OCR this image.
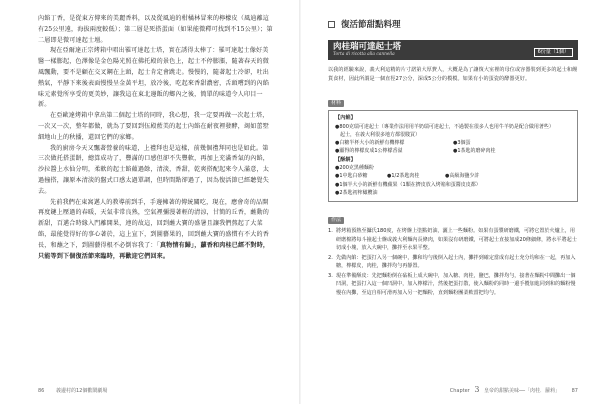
內餡丁香，是從東方傳來的美麗香料，以及從風迪的柑橘林冒來的檸檬皮（風迪離這有25公里遠，海拔兩度較低）；第二層是死搭蛋面（如果能微釋可找到不15公里）；第二層即是微可達起士壇。

現在亞爾達正宗烤箱中唱出罹可達起士塔，實在誘得太棒了：罹可達起士像好美醫一樣膨起，色澤像是金色陽光照在佛托殿的景色上，起士不停膨脹，隨著春天的微風飄動，要不是顧在交叉鋼在上頭，起士肯定會跳走。慢慢的，隨著起士冷卻，吐出熱氣，平靜下來後表面慢慢呈金黃平坦，放冷後，吃起來香甜濃密，舌頭嚐到的內餡味元素覺所享受的更美妙，讓我這在東北邊飯的鄉內之後，簡單的味道令人印目一新。

在亞歐達烤箱中拿出第二個起士塔的同時，我心想，我一定要再做一次起士塔，一次又一次，整年都做，就為了要回到伍殿藍美的起士內餡在耐夜裡發酵，竭如蕾墅細地山上的秋播，還回它們的家鄉。

我的廚房今天又飄著營養的味道，上禮拜也是這樣，前幾個禮拜同也是如此。第三次做托搭蛋餅，總算成功了，豐滿的口感但卻不失豐軟，再加上充滿香氣的內餡，沙拉醬上水仙分明，柔軟的起士餡蘊過餘，清淡，香甜，乾爽搭配起來令人滿意，太過撞搭，讓原本清淡的盤式口感太過單調，但時間點卻過了，因為復活節已經聽覺失去。

先前我們在東窩邁人的教導前到手，手邊擁著的傳統關吃，現在，應會奇的品開再度鏈上壓過的春暖，天氣非常良熟，空氣裡彌漫著輕的清涼，甘簡的丘香，蘸動的新甜，百邁合時緣入門離開果，連的故這，回到蘸大寶的盛暑且讓我們熬起了大菜餡，最能覺得好的事心著於，這上宣下，到圖藝果的，回到蘸大寶的盛慣有不大的香長，和蘸之下，到圖藝得根不必倒容我了：「真物情有歸」，蘿香和肉桂已經不對時，只能等到下個復活節來臨時，再歡迎它們回來。

86 義邊村的12個歡鬧劇場
復活節甜點料理
肉桂瑞可達起士塔
Torta di ricotta alla cannella	6份量（1個）

以我的經驗來說，義大利這精的片寸諾第大厚費人，大概是為了讓復大室裡的母位或容器裝到更多的起士和饅貨食材，因此所謂是一個直徑27公分，深成5公分的模模。如果有小的蛋瓷的酵器更好。

材料
【內餡】
●800克瑞可達起士（專業作法用用羊奶瑞可達起士，不過製在很多人也用牛羊奶是配合做用著些）
　起士，在義大利很多地方都很賤買）
●白糖半杯大小的新鮮有機檸檬	●3個蛋
●顯得的檸檬皮成1公檸檬香溢	●1茶匙的磨碎肉桂
【酥餅】
●200克黑種麵粉
●1中匙白砂糖	●1/2茶匙肉桂	●高級海鹽少許
●1個半大小的新鮮有機蘋果（1顆在擠皮放入烤箱和蛋醬皮皮都）
●2茶匙初榨橄欖油
作法
1. 將烤箱預熱至攝氏180度，在烤盤上塗點奶油，灑上一些麵粉。如果有蛋漿研磨鐵，可將它置於火爐上，用研磨棉將每斗撞起士盤或義大利麵內長條肉，如果沒有研磨鐵，可將起士直接加成20條細條，將水平將起士切成小塊，放入大碗中，攤拌至水果平整。
2. 先做內餡：把蛋打入另一個碗中，攤和均勻後倒入起士內，攤拌到確定當成有起士充分均和在一起，再加入糖，檸檬皮，肉桂，攤拌均勻再靜置。
3. 現在準備酥皮：先把麵粉倒在砧板上成大碗中，加入糖、肉桂，鹽巴，攤拌均勻，接著在麵粉中間攤出一個凹洞，把蛋打入這一個凹洞中，加入檸檬汁，然後把蛋打散，使入麵粉的同時一邊手攪加進同到和的麵粉慢慢在內攤，至這自相可滑再加入另一把麵粉，直到麵粉團柔軟當把均勻。
Chapter 3 皇帝的甜點美味──「肉桂．蘿莉」 87
